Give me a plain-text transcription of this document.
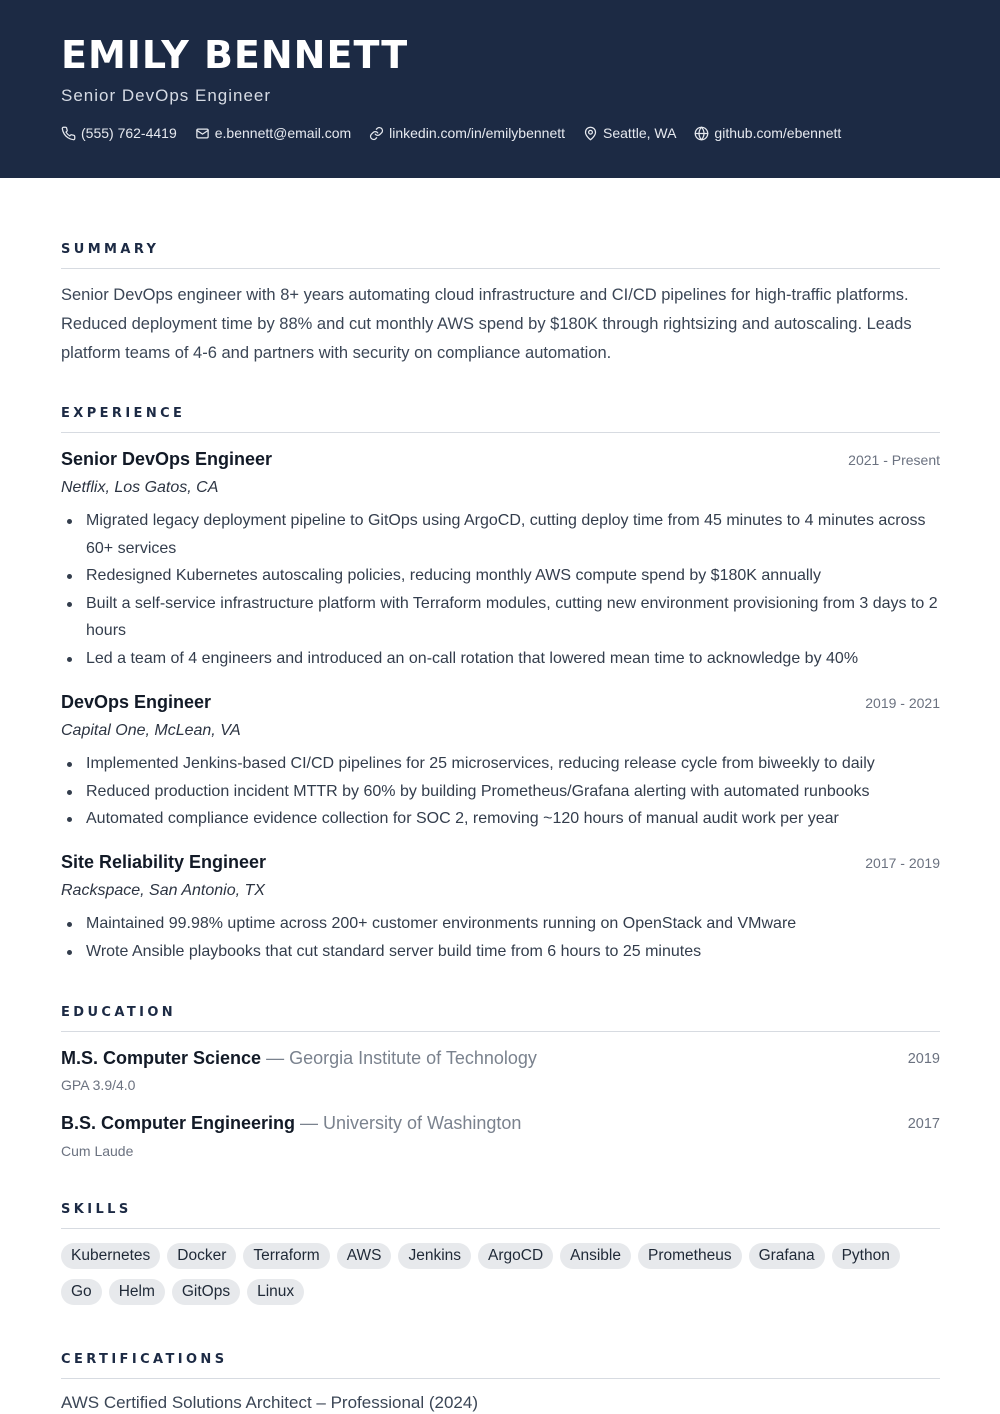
EMILY BENNETT
Senior DevOps Engineer
(555) 762-4419	e.bennett@email.com	linkedin.com/in/emilybennett	Seattle, WA	github.com/ebennett
SUMMARY
Senior DevOps engineer with 8+ years automating cloud infrastructure and CI/CD pipelines for high-traffic platforms. Reduced deployment time by 88% and cut monthly AWS spend by $180K through rightsizing and autoscaling. Leads platform teams of 4-6 and partners with security on compliance automation.
EXPERIENCE
Senior DevOps Engineer	2021 - Present
Netflix, Los Gatos, CA
Migrated legacy deployment pipeline to GitOps using ArgoCD, cutting deploy time from 45 minutes to 4 minutes across 60+ services
Redesigned Kubernetes autoscaling policies, reducing monthly AWS compute spend by $180K annually
Built a self-service infrastructure platform with Terraform modules, cutting new environment provisioning from 3 days to 2 hours
Led a team of 4 engineers and introduced an on-call rotation that lowered mean time to acknowledge by 40%
DevOps Engineer	2019 - 2021
Capital One, McLean, VA
Implemented Jenkins-based CI/CD pipelines for 25 microservices, reducing release cycle from biweekly to daily
Reduced production incident MTTR by 60% by building Prometheus/Grafana alerting with automated runbooks
Automated compliance evidence collection for SOC 2, removing ~120 hours of manual audit work per year
Site Reliability Engineer	2017 - 2019
Rackspace, San Antonio, TX
Maintained 99.98% uptime across 200+ customer environments running on OpenStack and VMware
Wrote Ansible playbooks that cut standard server build time from 6 hours to 25 minutes
EDUCATION
M.S. Computer Science — Georgia Institute of Technology	2019
GPA 3.9/4.0
B.S. Computer Engineering — University of Washington	2017
Cum Laude
SKILLS
Kubernetes	Docker	Terraform	AWS	Jenkins	ArgoCD	Ansible	Prometheus	Grafana	Python
Go	Helm	GitOps	Linux
CERTIFICATIONS
AWS Certified Solutions Architect – Professional (2024)
